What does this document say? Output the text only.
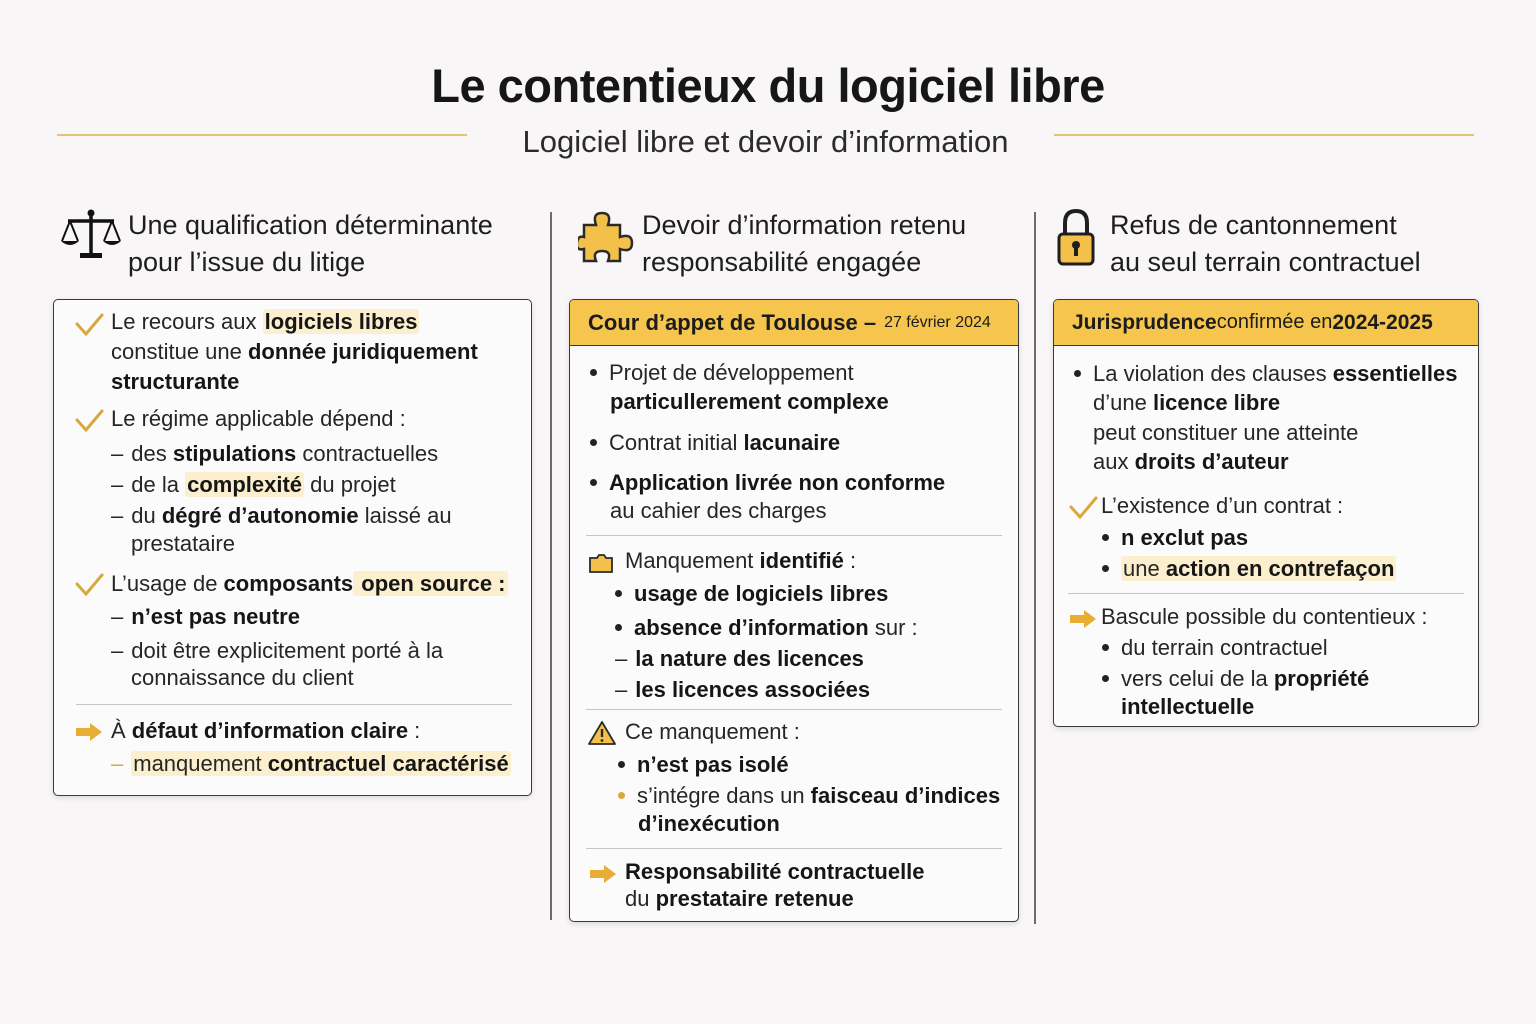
Le contentieux du logiciel libre
Logiciel libre et devoir d’information
Une qualification déterminante
pour l’issue du litige
Le recours aux logiciels libres
constitue une donnée juridiquement
structurante
Le régime applicable dépend :
– des stipulations contractuelles
– de la complexité du projet
– du dégré d’autonomie laissé au
prestataire
L’usage de composants open source :
– n’est pas neutre
– doit être explicitement porté à la
connaissance du client
À défaut d’information claire :
– manquement contractuel caractérisé
Devoir d’information retenu
responsabilité engagée
Cour d’appet de Toulouse – 27 février 2024
Projet de développement
particullerement complexe
Contrat initial lacunaire
Application livrée non conforme
au cahier des charges
Manquement identifié :
usage de logiciels libres
absence d’information sur :
– la nature des licences
– les licences associées
Ce manquement :
n’est pas isolé
s’intégre dans un faisceau d’indices
d’inexécution
Responsabilité contractuelle
du prestataire retenue
Refus de cantonnement
au seul terrain contractuel
Jurisprudence confirmée en 2024-2025
La violation des clauses essentielles
d’une licence libre
peut constituer une atteinte
aux droits d’auteur
L’existence d’un contrat :
n exclut pas
une action en contrefaçon
Bascule possible du contentieux :
du terrain contractuel
vers celui de la propriété
intellectuelle
